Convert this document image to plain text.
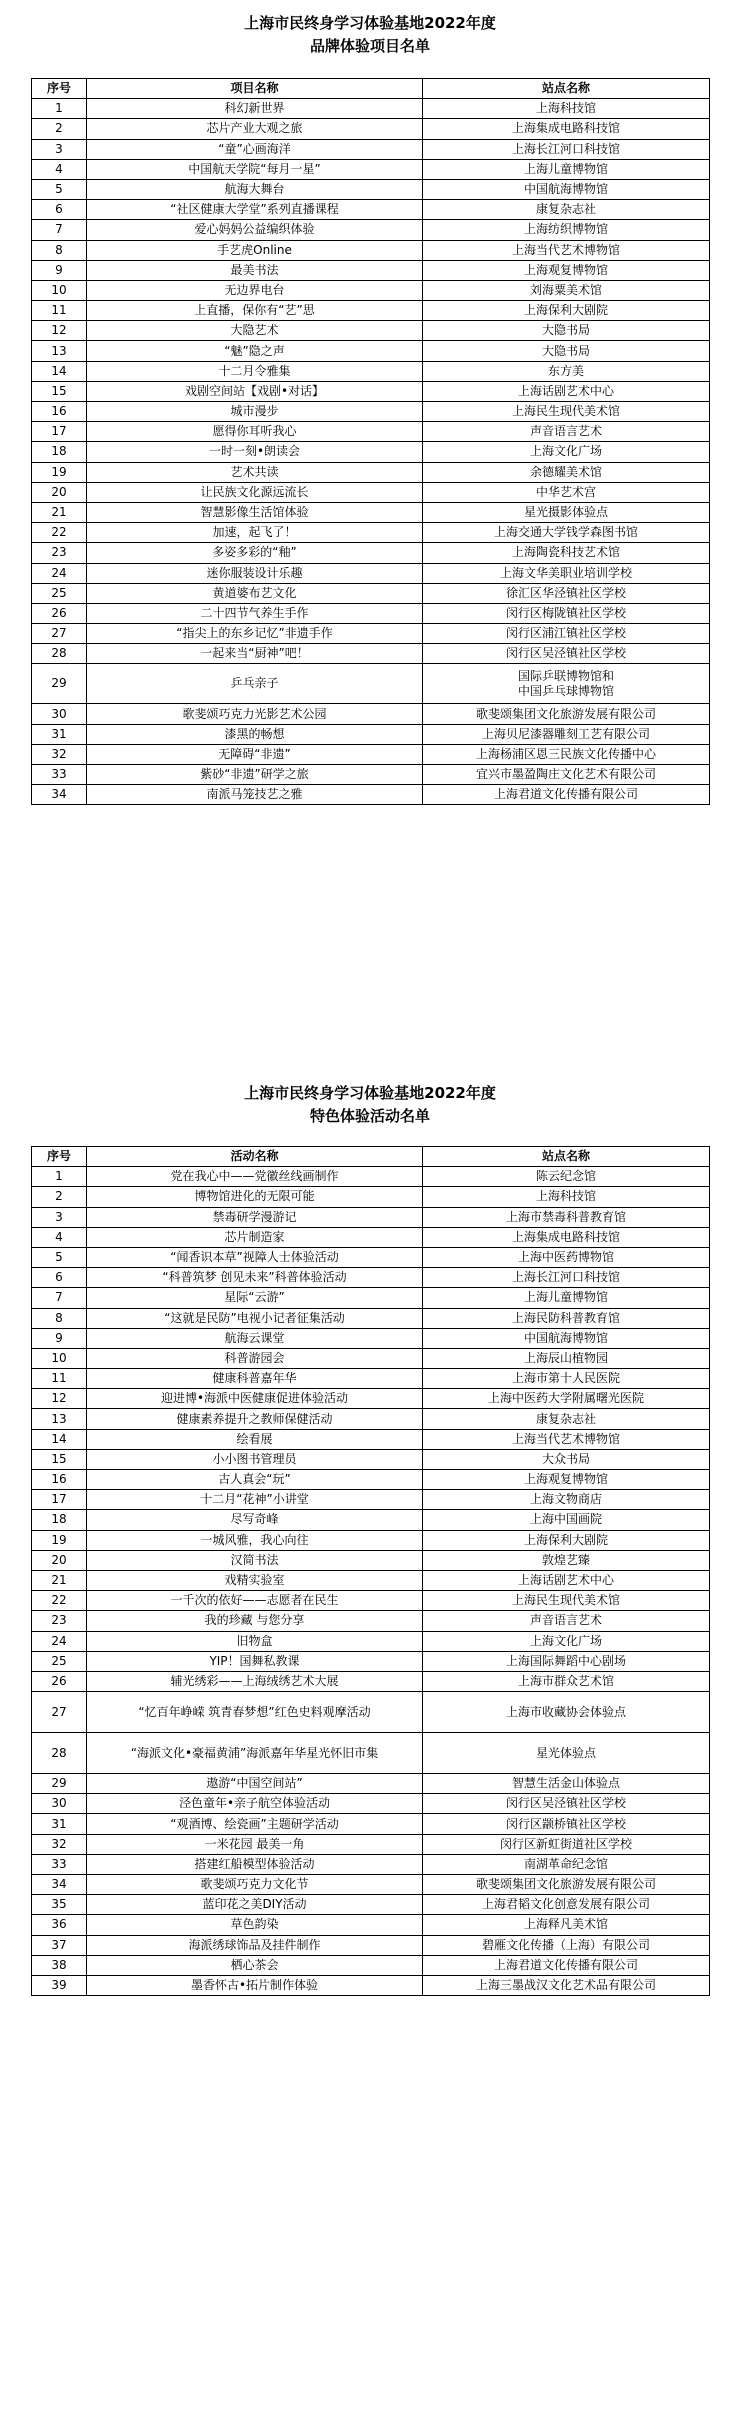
上海市民终身学习体验基地2022年度
品牌体验项目名单
序号	项目名称	站点名称
1	科幻新世界	上海科技馆
2	芯片产业大观之旅	上海集成电路科技馆
3	“童”心画海洋	上海长江河口科技馆
4	中国航天学院“每月一星”	上海儿童博物馆
5	航海大舞台	中国航海博物馆
6	“社区健康大学堂”系列直播课程	康复杂志社
7	爱心妈妈公益编织体验	上海纺织博物馆
8	手艺虎Online	上海当代艺术博物馆
9	最美书法	上海观复博物馆
10	无边界电台	刘海粟美术馆
11	上直播，保你有“艺”思	上海保利大剧院
12	大隐艺术	大隐书局
13	“魅”隐之声	大隐书局
14	十二月令雅集	东方美
15	戏剧空间站【戏剧•对话】	上海话剧艺术中心
16	城市漫步	上海民生现代美术馆
17	愿得你耳听我心	声音语言艺术
18	一时一刻•朗读会	上海文化广场
19	艺术共读	余德耀美术馆
20	让民族文化源远流长	中华艺术宫
21	智慧影像生活馆体验	星光摄影体验点
22	加速，起飞了！	上海交通大学钱学森图书馆
23	多姿多彩的“釉”	上海陶瓷科技艺术馆
24	迷你服装设计乐趣	上海文华美职业培训学校
25	黄道婆布艺文化	徐汇区华泾镇社区学校
26	二十四节气养生手作	闵行区梅陇镇社区学校
27	“指尖上的东乡记忆”非遗手作	闵行区浦江镇社区学校
28	一起来当“厨神”吧！	闵行区吴泾镇社区学校
29	乒乓亲子	国际乒联博物馆和
中国乒乓球博物馆
30	歌斐颂巧克力光影艺术公园	歌斐颂集团文化旅游发展有限公司
31	漆黑的畅想	上海贝尼漆器雕刻工艺有限公司
32	无障碍“非遗”	上海杨浦区恩三民族文化传播中心
33	紫砂“非遗”研学之旅	宜兴市墨盈陶庄文化艺术有限公司
34	南派马笼技艺之雅	上海君道文化传播有限公司
上海市民终身学习体验基地2022年度
特色体验活动名单
序号	活动名称	站点名称
1	党在我心中——党徽丝线画制作	陈云纪念馆
2	博物馆进化的无限可能	上海科技馆
3	禁毒研学漫游记	上海市禁毒科普教育馆
4	芯片制造家	上海集成电路科技馆
5	“闻香识本草”视障人士体验活动	上海中医药博物馆
6	“科普筑梦 创见未来”科普体验活动	上海长江河口科技馆
7	星际“云游”	上海儿童博物馆
8	“这就是民防”电视小记者征集活动	上海民防科普教育馆
9	航海云课堂	中国航海博物馆
10	科普游园会	上海辰山植物园
11	健康科普嘉年华	上海市第十人民医院
12	迎进博•海派中医健康促进体验活动	上海中医药大学附属曙光医院
13	健康素养提升之教师保健活动	康复杂志社
14	绘看展	上海当代艺术博物馆
15	小小图书管理员	大众书局
16	古人真会“玩”	上海观复博物馆
17	十二月“花神”小讲堂	上海文物商店
18	尽写奇峰	上海中国画院
19	一城风雅，我心向往	上海保利大剧院
20	汉简书法	敦煌艺臻
21	戏精实验室	上海话剧艺术中心
22	一千次的依好——志愿者在民生	上海民生现代美术馆
23	我的珍藏 与您分享	声音语言艺术
24	旧物盒	上海文化广场
25	YIP！国舞私教课	上海国际舞蹈中心剧场
26	辅光绣彩——上海绒绣艺术大展	上海市群众艺术馆
27	“忆百年峥嵘 筑青春梦想”红色史料观摩活动	上海市收藏协会体验点
28	“海派文化•豪福黄浦”海派嘉年华星光怀旧市集	星光体验点
29	遨游“中国空间站”	智慧生活金山体验点
30	泾色童年•亲子航空体验活动	闵行区吴泾镇社区学校
31	“观酒博、绘瓷画”主题研学活动	闵行区颛桥镇社区学校
32	一米花园 最美一角	闵行区新虹街道社区学校
33	搭建红船模型体验活动	南湖革命纪念馆
34	歌斐颂巧克力文化节	歌斐颂集团文化旅游发展有限公司
35	蓝印花之美DIY活动	上海君韬文化创意发展有限公司
36	草色韵染	上海释凡美术馆
37	海派绣球饰品及挂件制作	碧雁文化传播（上海）有限公司
38	栖心茶会	上海君道文化传播有限公司
39	墨香怀古•拓片制作体验	上海三墨战汉文化艺术品有限公司
